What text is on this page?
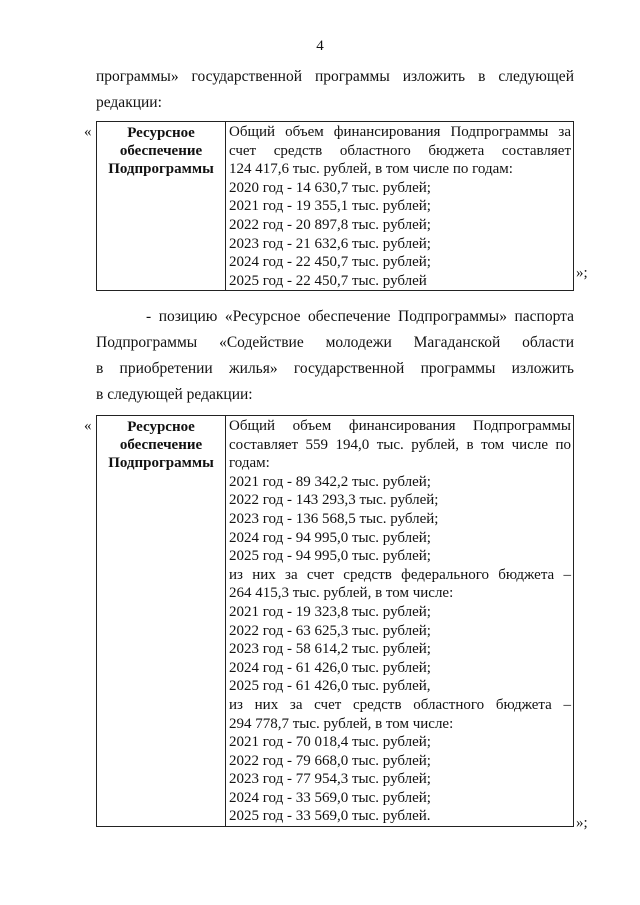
4
программы» государственной программы изложить в следующей
редакции:
«	Ресурсное
обеспечение
Подпрограммы

Общий объем финансирования Подпрограммы за
счет средств областного бюджета составляет
124 417,6 тыс. рублей, в том числе по годам:
2020 год - 14 630,7 тыс. рублей;
2021 год - 19 355,1 тыс. рублей;
2022 год - 20 897,8 тыс. рублей;
2023 год - 21 632,6 тыс. рублей;
2024 год - 22 450,7 тыс. рублей;
2025 год - 22 450,7 тыс. рублей	»;
- позицию «Ресурсное обеспечение Подпрограммы» паспорта
Подпрограммы «Содействие молодежи Магаданской области
в приобретении жилья» государственной программы изложить
в следующей редакции:
«	Ресурсное
обеспечение
Подпрограммы

Общий объем финансирования Подпрограммы
составляет 559 194,0 тыс. рублей, в том числе по
годам:
2021 год - 89 342,2 тыс. рублей;
2022 год - 143 293,3 тыс. рублей;
2023 год - 136 568,5 тыс. рублей;
2024 год - 94 995,0 тыс. рублей;
2025 год - 94 995,0 тыс. рублей;
из них за счет средств федерального бюджета –
264 415,3 тыс. рублей, в том числе:
2021 год - 19 323,8 тыс. рублей;
2022 год - 63 625,3 тыс. рублей;
2023 год - 58 614,2 тыс. рублей;
2024 год - 61 426,0 тыс. рублей;
2025 год - 61 426,0 тыс. рублей,
из них за счет средств областного бюджета –
294 778,7 тыс. рублей, в том числе:
2021 год - 70 018,4 тыс. рублей;
2022 год - 79 668,0 тыс. рублей;
2023 год - 77 954,3 тыс. рублей;
2024 год - 33 569,0 тыс. рублей;
2025 год - 33 569,0 тыс. рублей.	»;
